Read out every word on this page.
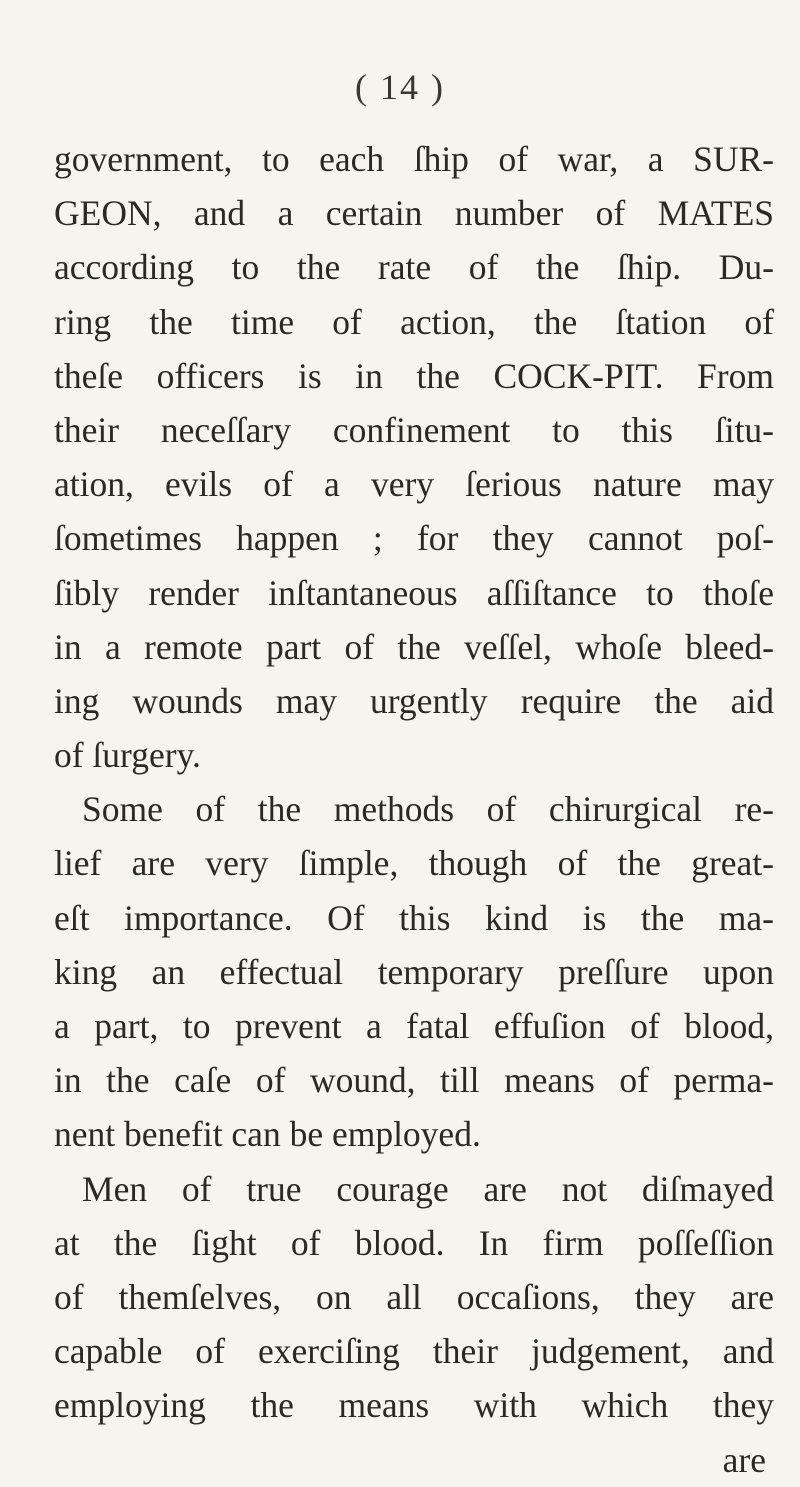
( 14 )
government, to each ſhip of war, a SUR-
GEON, and a certain number of MATES
according to the rate of the ſhip. Du-
ring the time of action, the ſtation of
theſe officers is in the COCK-PIT. From
their neceſſary confinement to this ſitu-
ation, evils of a very ſerious nature may
ſometimes happen ; for they cannot poſ-
ſibly render inſtantaneous aſſiſtance to thoſe
in a remote part of the veſſel, whoſe bleed-
ing wounds may urgently require the aid
of ſurgery.
Some of the methods of chirurgical re-
lief are very ſimple, though of the great-
eſt importance. Of this kind is the ma-
king an effectual temporary preſſure upon
a part, to prevent a fatal effuſion of blood,
in the caſe of wound, till means of perma-
nent benefit can be employed.
Men of true courage are not diſmayed
at the ſight of blood. In firm poſſeſſion
of themſelves, on all occaſions, they are
capable of exerciſing their judgement, and
employing the means with which they
are
